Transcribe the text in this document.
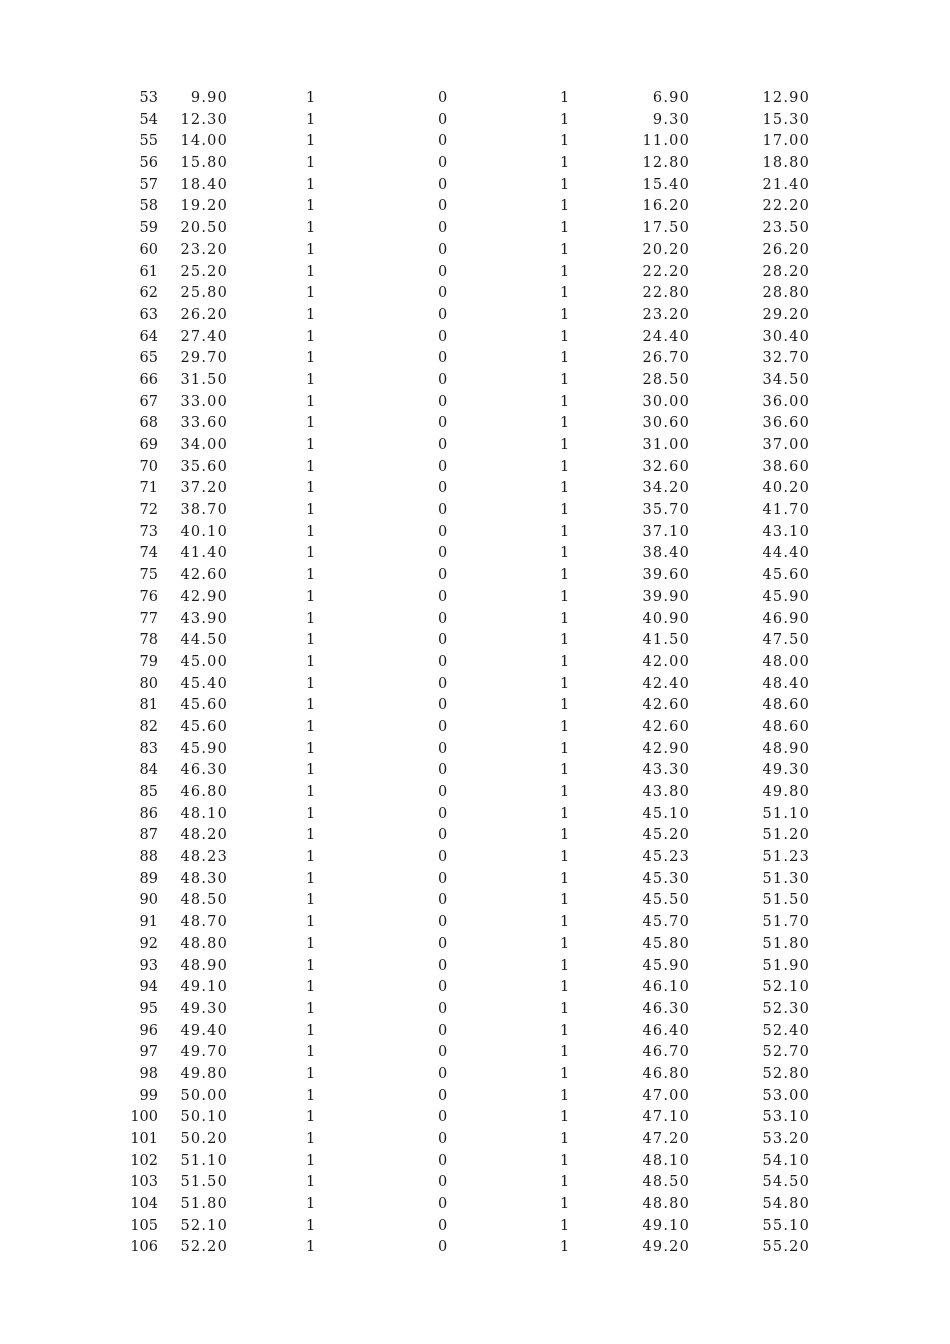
53 9.90	1	0	1	6.90	12.90
54 12.30	1	0	1	9.30	15.30
55 14.00	1	0	1	11.00	17.00
56 15.80	1	0	1	12.80	18.80
57 18.40	1	0	1	15.40	21.40
58 19.20	1	0	1	16.20	22.20
59 20.50	1	0	1	17.50	23.50
60 23.20	1	0	1	20.20	26.20
61 25.20	1	0	1	22.20	28.20
62 25.80	1	0	1	22.80	28.80
63 26.20	1	0	1	23.20	29.20
64 27.40	1	0	1	24.40	30.40
65 29.70	1	0	1	26.70	32.70
66 31.50	1	0	1	28.50	34.50
67 33.00	1	0	1	30.00	36.00
68 33.60	1	0	1	30.60	36.60
69 34.00	1	0	1	31.00	37.00
70 35.60	1	0	1	32.60	38.60
71 37.20	1	0	1	34.20	40.20
72 38.70	1	0	1	35.70	41.70
73 40.10	1	0	1	37.10	43.10
74 41.40	1	0	1	38.40	44.40
75 42.60	1	0	1	39.60	45.60
76 42.90	1	0	1	39.90	45.90
77 43.90	1	0	1	40.90	46.90
78 44.50	1	0	1	41.50	47.50
79 45.00	1	0	1	42.00	48.00
80 45.40	1	0	1	42.40	48.40
81 45.60	1	0	1	42.60	48.60
82 45.60	1	0	1	42.60	48.60
83 45.90	1	0	1	42.90	48.90
84 46.30	1	0	1	43.30	49.30
85 46.80	1	0	1	43.80	49.80
86 48.10	1	0	1	45.10	51.10
87 48.20	1	0	1	45.20	51.20
88 48.23	1	0	1	45.23	51.23
89 48.30	1	0	1	45.30	51.30
90 48.50	1	0	1	45.50	51.50
91 48.70	1	0	1	45.70	51.70
92 48.80	1	0	1	45.80	51.80
93 48.90	1	0	1	45.90	51.90
94 49.10	1	0	1	46.10	52.10
95 49.30	1	0	1	46.30	52.30
96 49.40	1	0	1	46.40	52.40
97 49.70	1	0	1	46.70	52.70
98 49.80	1	0	1	46.80	52.80
99 50.00	1	0	1	47.00	53.00
100 50.10	1	0	1	47.10	53.10
101 50.20	1	0	1	47.20	53.20
102 51.10	1	0	1	48.10	54.10
103 51.50	1	0	1	48.50	54.50
104 51.80	1	0	1	48.80	54.80
105 52.10	1	0	1	49.10	55.10
106 52.20	1	0	1	49.20	55.20
